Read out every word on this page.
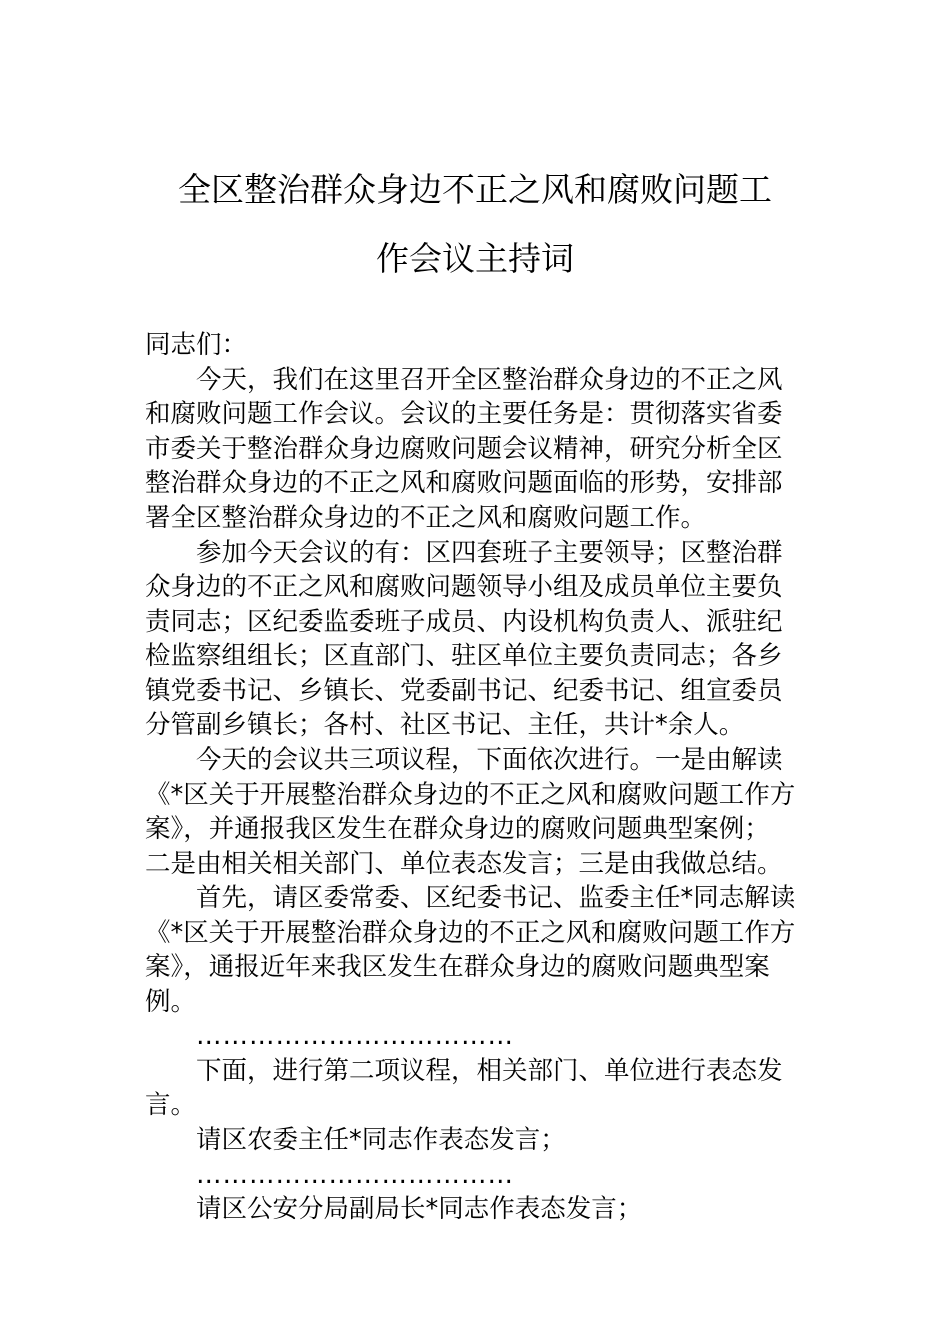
全区整治群众身边不正之风和腐败问题工
作会议主持词

同志们：

今天，我们在这里召开全区整治群众身边的不正之风

和腐败问题工作会议。会议的主要任务是：贯彻落实省委

市委关于整治群众身边腐败问题会议精神，研究分析全区

整治群众身边的不正之风和腐败问题面临的形势，安排部

署全区整治群众身边的不正之风和腐败问题工作。

参加今天会议的有：区四套班子主要领导；区整治群

众身边的不正之风和腐败问题领导小组及成员单位主要负

责同志；区纪委监委班子成员、内设机构负责人、派驻纪

检监察组组长；区直部门、驻区单位主要负责同志；各乡

镇党委书记、乡镇长、党委副书记、纪委书记、组宣委员

分管副乡镇长；各村、社区书记、主任，共计*余人。

今天的会议共三项议程，下面依次进行。一是由解读

《*区关于开展整治群众身边的不正之风和腐败问题工作方

案》，并通报我区发生在群众身边的腐败问题典型案例；

二是由相关相关部门、单位表态发言；三是由我做总结。

首先，请区委常委、区纪委书记、监委主任*同志解读

《*区关于开展整治群众身边的不正之风和腐败问题工作方

案》，通报近年来我区发生在群众身边的腐败问题典型案

例。

………………………………

下面，进行第二项议程，相关部门、单位进行表态发

言。

请区农委主任*同志作表态发言；

………………………………

请区公安分局副局长*同志作表态发言；
